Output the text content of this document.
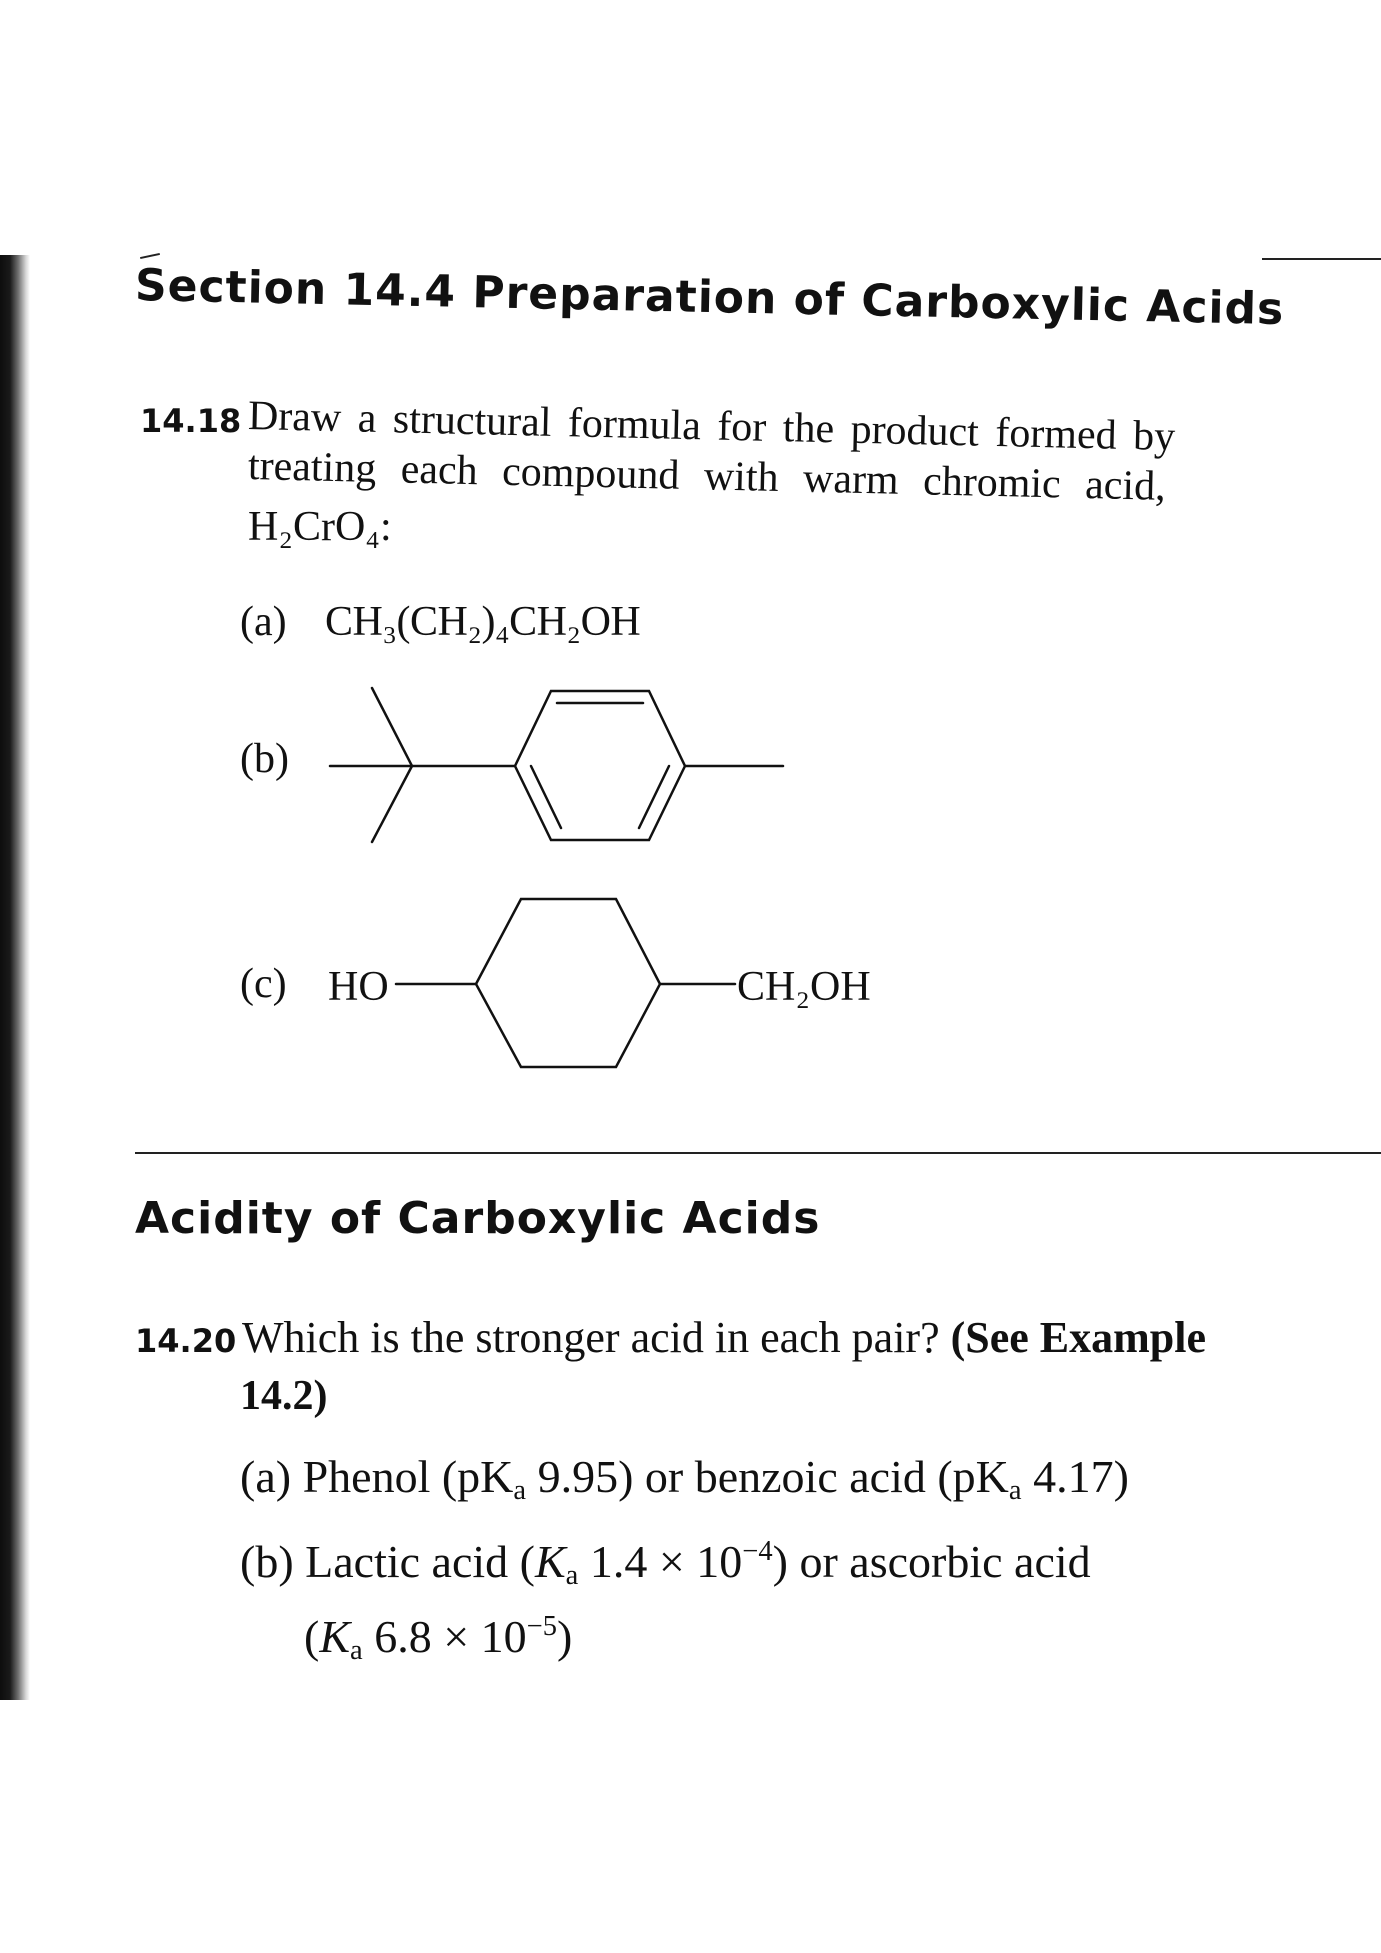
Section 14.4 Preparation of Carboxylic Acids
14.18 Draw a structural formula for the product formed by
treating each compound with warm chromic acid,
H₂CrO₄:
(a) CH₃(CH₂)₄CH₂OH
(b)
(c) HO	CH₂OH
Acidity of Carboxylic Acids
14.20 Which is the stronger acid in each pair? (See Example
14.2)
(a) Phenol ($pK_a$ 9.95) or benzoic acid ($pK_a$ 4.17)
(b) Lactic acid ($K_a$ $1.4 \times 10^{-4}$) or ascorbic acid
($K_a$ $6.8 \times 10^{-5}$)
